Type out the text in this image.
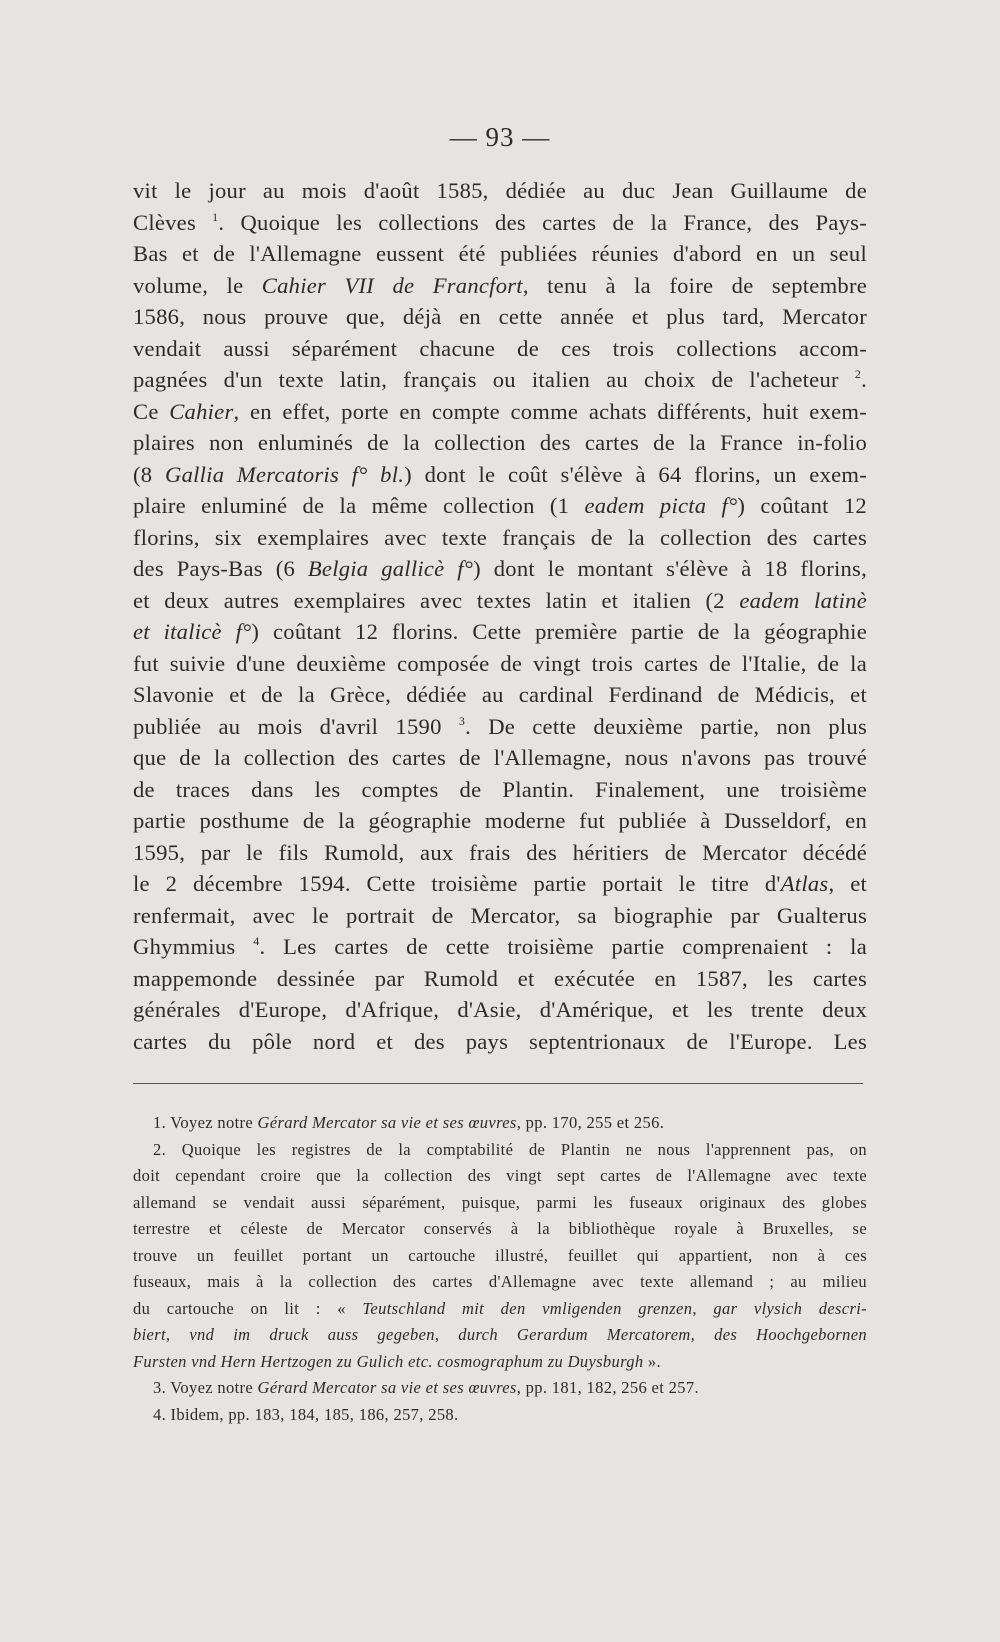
— 93 —
vit le jour au mois d'août 1585, dédiée au duc Jean Guillaume de
Clèves $^1$. Quoique les collections des cartes de la France, des Pays-
Bas et de l'Allemagne eussent été publiées réunies d'abord en un seul
volume, le Cahier VII de Francfort, tenu à la foire de septembre
1586, nous prouve que, déjà en cette année et plus tard, Mercator
vendait aussi séparément chacune de ces trois collections accom-
pagnées d'un texte latin, français ou italien au choix de l'acheteur $^2$.
Ce Cahier, en effet, porte en compte comme achats différents, huit exem-
plaires non enluminés de la collection des cartes de la France in-folio
(8 Gallia Mercatoris f° bl.) dont le coût s'élève à 64 florins, un exem-
plaire enluminé de la même collection (1 eadem picta f°) coûtant 12
florins, six exemplaires avec texte français de la collection des cartes
des Pays-Bas (6 Belgia gallicè f°) dont le montant s'élève à 18 florins,
et deux autres exemplaires avec textes latin et italien (2 eadem latinè
et italicè f°) coûtant 12 florins. Cette première partie de la géographie
fut suivie d'une deuxième composée de vingt trois cartes de l'Italie, de la
Slavonie et de la Grèce, dédiée au cardinal Ferdinand de Médicis, et
publiée au mois d'avril 1590 $^3$. De cette deuxième partie, non plus
que de la collection des cartes de l'Allemagne, nous n'avons pas trouvé
de traces dans les comptes de Plantin. Finalement, une troisième
partie posthume de la géographie moderne fut publiée à Dusseldorf, en
1595, par le fils Rumold, aux frais des héritiers de Mercator décédé
le 2 décembre 1594. Cette troisième partie portait le titre d'Atlas, et
renfermait, avec le portrait de Mercator, sa biographie par Gualterus
Ghymmius $^4$. Les cartes de cette troisième partie comprenaient : la
mappemonde dessinée par Rumold et exécutée en 1587, les cartes
générales d'Europe, d'Afrique, d'Asie, d'Amérique, et les trente deux
cartes du pôle nord et des pays septentrionaux de l'Europe. Les
1. Voyez notre Gérard Mercator sa vie et ses œuvres, pp. 170, 255 et 256.
2. Quoique les registres de la comptabilité de Plantin ne nous l'apprennent pas, on
doit cependant croire que la collection des vingt sept cartes de l'Allemagne avec texte
allemand se vendait aussi séparément, puisque, parmi les fuseaux originaux des globes
terrestre et céleste de Mercator conservés à la bibliothèque royale à Bruxelles, se
trouve un feuillet portant un cartouche illustré, feuillet qui appartient, non à ces
fuseaux, mais à la collection des cartes d'Allemagne avec texte allemand ; au milieu
du cartouche on lit : « Teutschland mit den vmligenden grenzen, gar vlysich descri-
biert, vnd im druck auss gegeben, durch Gerardum Mercatorem, des Hoochgebornen
Fursten vnd Hern Hertzogen zu Gulich etc. cosmographum zu Duysburgh ».
3. Voyez notre Gérard Mercator sa vie et ses œuvres, pp. 181, 182, 256 et 257.
4. Ibidem, pp. 183, 184, 185, 186, 257, 258.
